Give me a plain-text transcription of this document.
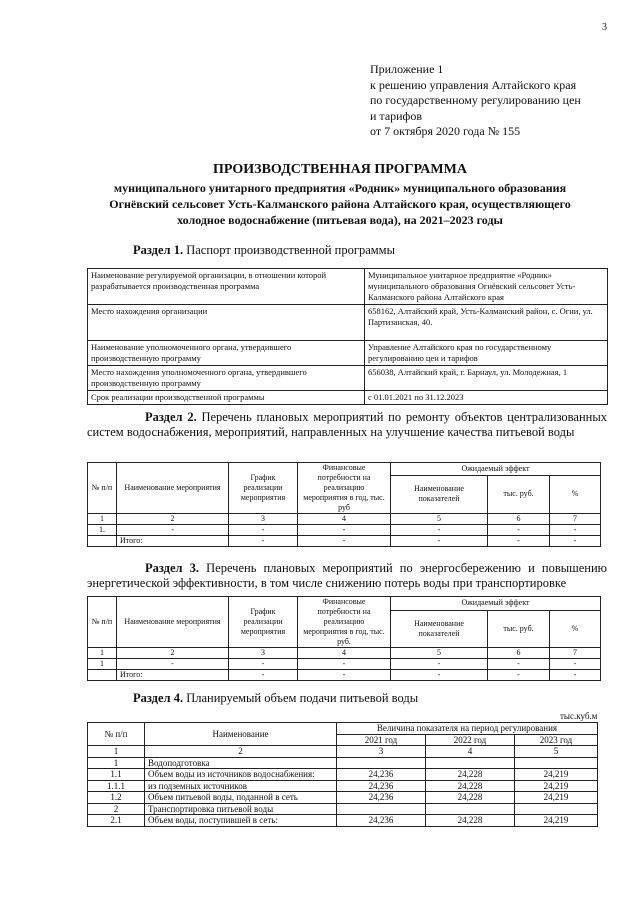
3
Приложение 1
к решению управления Алтайского края
по государственному регулированию цен
и тарифов
от 7 октября 2020 года № 155
ПРОИЗВОДСТВЕННАЯ ПРОГРАММА
муниципального унитарного предприятия «Родник» муниципального образования
Огнёвский сельсовет Усть-Калманского района Алтайского края, осуществляющего
холодное водоснабжение (питьевая вода), на 2021–2023 годы
Раздел 1. Паспорт производственной программы
Наименование регулируемой организации, в отношении которой разрабатывается производственная программа	Муниципальное унитарное предприятие «Родник» муниципального образования Огнёвский сельсовет Усть-Калманского района Алтайского края
Место нахождения организации	658162, Алтайский край, Усть-Калманский район, с. Огни, ул. Партизанская, 40.
Наименование уполномоченного органа, утвердившего производственную программу	Управление Алтайского края по государственному регулированию цен и тарифов
Место нахождения уполномоченного органа, утвердившего производственную программу	656038, Алтайский край, г. Барнаул, ул. Молодежная, 1
Срок реализации производственной программы	с 01.01.2021 по 31.12.2023
Раздел 2. Перечень плановых мероприятий по ремонту объектов централизованных систем водоснабжения, мероприятий, направленных на улучшение качества питьевой воды
№ п/п	Наименование мероприятия	График реализации мероприятия	Финансовые потребности на реализацию мероприятия в год, тыс. руб	Ожидаемый эффект		
				Наименование показателей	тыс. руб.	%
1	2	3	4	5	6	7
1.	-	-	-	-	-	-
	Итого:	-	-	-	-	-
Раздел 3. Перечень плановых мероприятий по энергосбережению и повышению энергетической эффективности, в том числе снижению потерь воды при транспортировке
№ п/п	Наименование мероприятия	График реализации мероприятия	Финансовые потребности на реализацию мероприятия в год, тыс. руб.	Ожидаемый эффект		
				Наименование показателей	тыс. руб.	%
1	2	3	4	5	6	7
1	-	-	-	-	-	-
	Итого:	-	-	-	-	-
Раздел 4. Планируемый объем подачи питьевой воды
тыс.куб.м
№ п/п	Наименование	Величина показателя на период регулирования		
		2021 год	2022 год	2023 год
1	2	3	4	5
1	Водоподготовка			
1.1	Объем воды из источников водоснабжения:	24,236	24,228	24,219
1.1.1	из подземных источников	24,236	24,228	24,219
1.2	Объем питьевой воды, поданной в сеть	24,236	24,228	24,219
2	Транспортировка питьевой воды			
2.1	Объем воды, поступившей в сеть:	24,236	24,228	24,219
